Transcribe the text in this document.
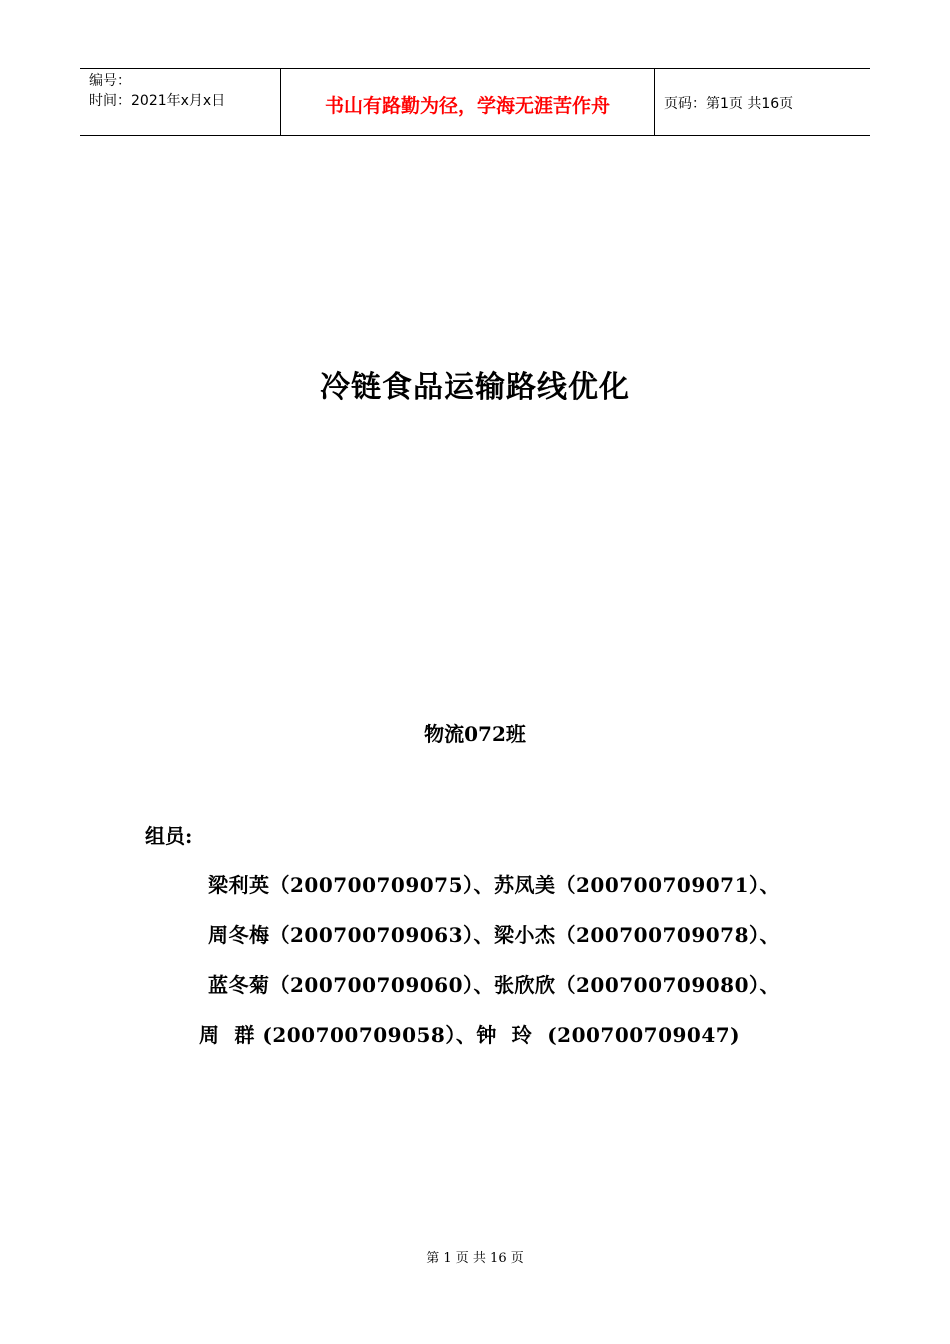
编号：
时间：2021年x月x日	书山有路勤为径，学海无涯苦作舟	页码：第1页 共16页
冷链食品运输路线优化
物流072班
组员:
梁利英（200700709075）、苏凤美（200700709071）、
周冬梅（200700709063）、梁小杰（200700709078）、
蓝冬菊（200700709060）、张欣欣（200700709080）、
周  群 (200700709058）、钟  玲  (200700709047)
第 1 页 共 16 页
